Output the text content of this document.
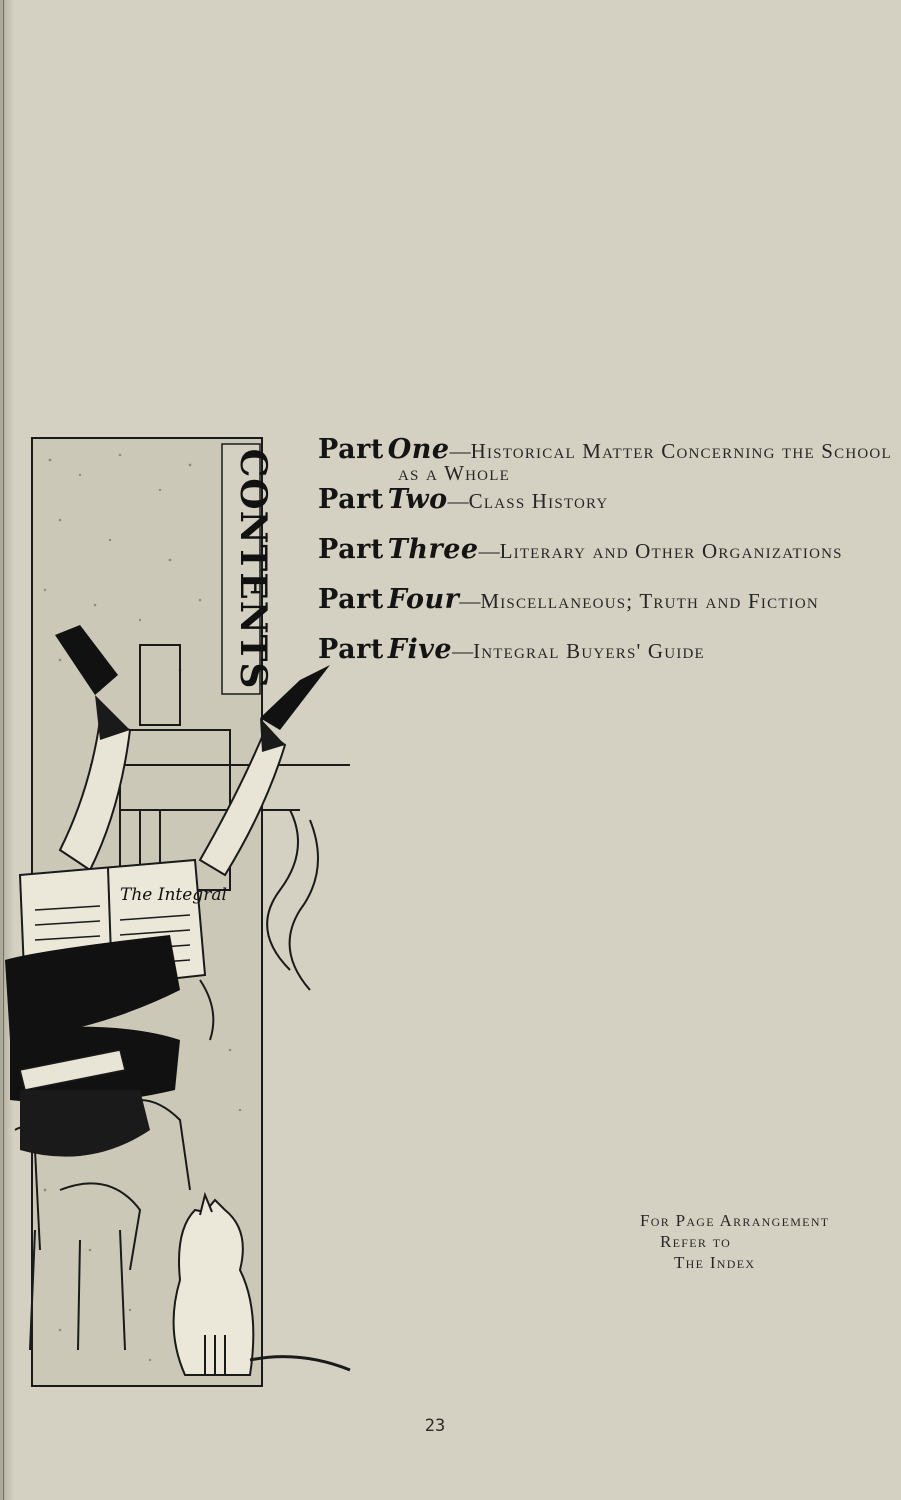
CONTENTS
The Integral
Part One—Historical Matter Concerning the School
as a Whole
Part Two—Class History
Part Three—Literary and Other Organizations
Part Four—Miscellaneous; Truth and Fiction
Part Five—Integral Buyers' Guide
For Page Arrangement
Refer to
The Index
23
